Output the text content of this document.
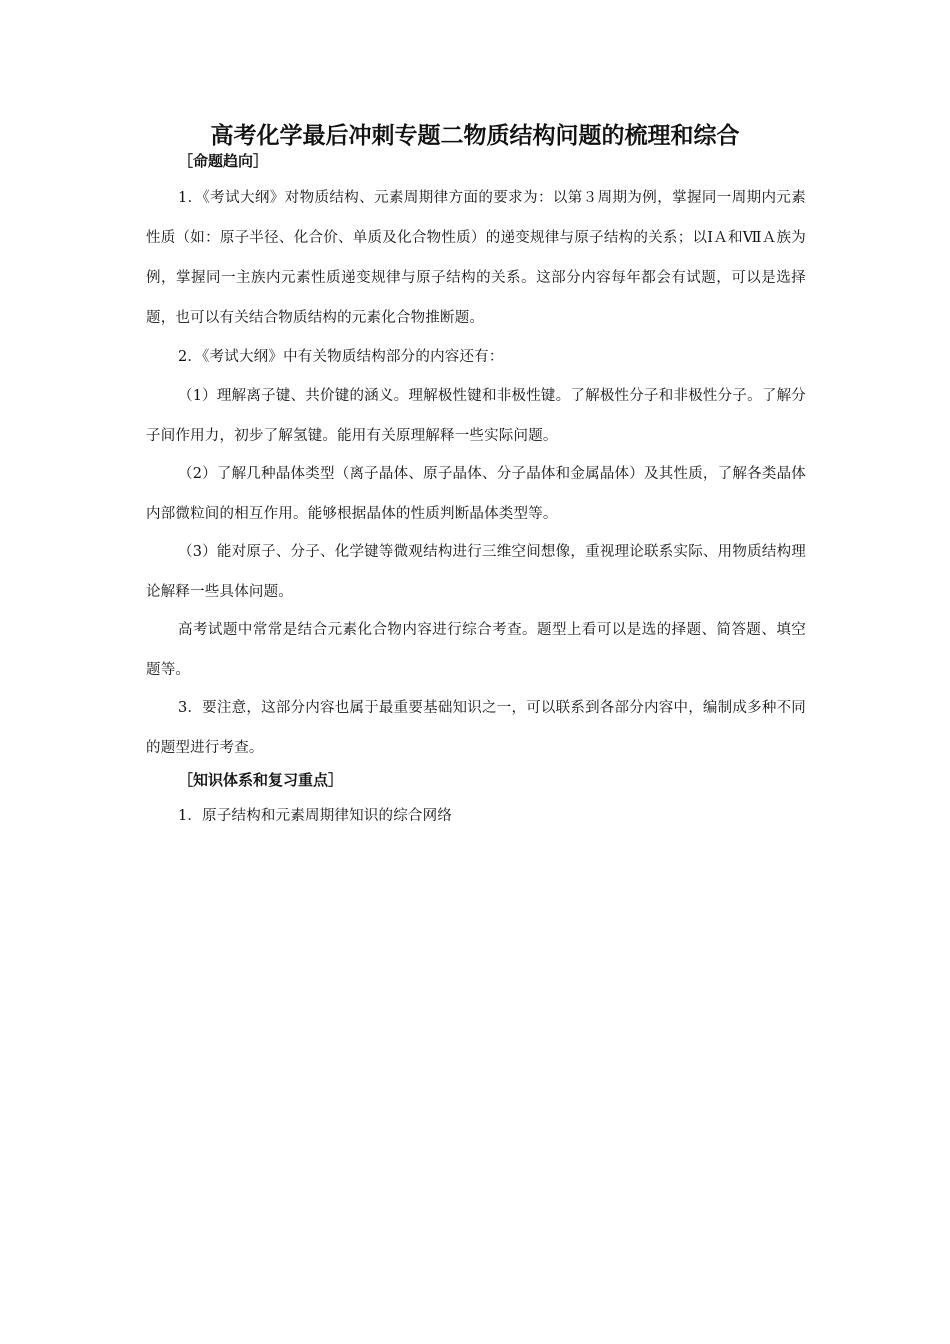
高考化学最后冲刺专题二物质结构问题的梳理和综合
［命题趋向］

1．《考试大纲》对物质结构、元素周期律方面的要求为：以第３周期为例，掌握同一周期内元素性质（如：原子半径、化合价、单质及化合物性质）的递变规律与原子结构的关系；以ⅠＡ和ⅦＡ族为例，掌握同一主族内元素性质递变规律与原子结构的关系。这部分内容每年都会有试题，可以是选择题，也可以有关结合物质结构的元素化合物推断题。

2．《考试大纲》中有关物质结构部分的内容还有：

（1）理解离子键、共价键的涵义。理解极性键和非极性键。了解极性分子和非极性分子。了解分子间作用力，初步了解氢键。能用有关原理解释一些实际问题。

（2）了解几种晶体类型（离子晶体、原子晶体、分子晶体和金属晶体）及其性质，了解各类晶体内部微粒间的相互作用。能够根据晶体的性质判断晶体类型等。

（3）能对原子、分子、化学键等微观结构进行三维空间想像，重视理论联系实际、用物质结构理论解释一些具体问题。

高考试题中常常是结合元素化合物内容进行综合考查。题型上看可以是选的择题、简答题、填空题等。

3．要注意，这部分内容也属于最重要基础知识之一，可以联系到各部分内容中，编制成多种不同的题型进行考查。

［知识体系和复习重点］

1．原子结构和元素周期律知识的综合网络
